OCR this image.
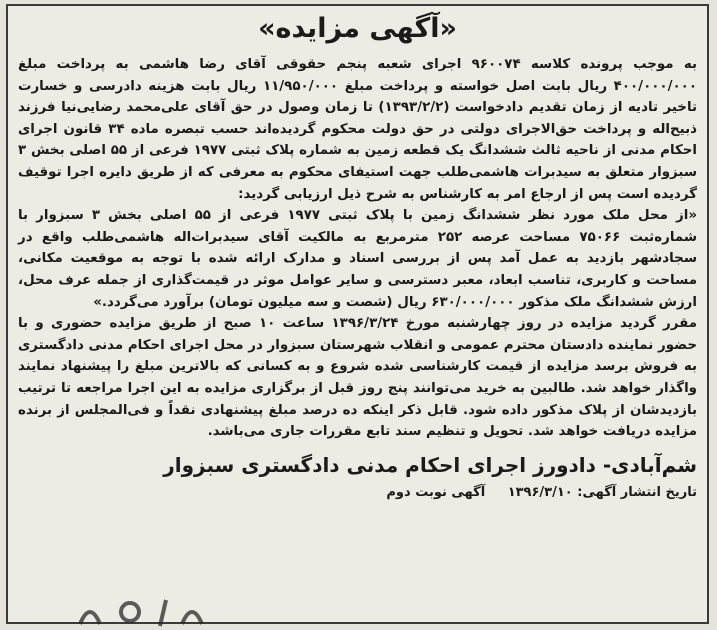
«آگهی مزایده»

به موجب پرونده کلاسه ۹۶۰۰۷۴ اجرای شعبه پنجم حقوقی آقای رضا هاشمی به پرداخت مبلغ ۴۰۰/۰۰۰/۰۰۰ ریال بابت اصل خواسته و پرداخت مبلغ ۱۱/۹۵۰/۰۰۰ ریال بابت هزینه دادرسی و خسارت تاخیر تادیه از زمان تقدیم دادخواست (۱۳۹۳/۲/۲) تا زمان وصول در حق آقای علی‌محمد رضایی‌نیا فرزند ذبیح‌اله و پرداخت حق‌الاجرای دولتی در حق دولت محکوم گردیده‌اند حسب تبصره ماده ۳۴ قانون اجرای احکام مدنی از ناحیه ثالث ششدانگ یک قطعه زمین به شماره پلاک ثبتی ۱۹۷۷ فرعی از ۵۵ اصلی بخش ۳ سبزوار متعلق به سیدبرات هاشمی‌طلب جهت استیفای محکوم به معرفی که از طریق دایره اجرا توقیف گردیده است پس از ارجاع امر به کارشناس به شرح ذیل ارزیابی گردید:

«از محل ملک مورد نظر ششدانگ زمین با پلاک ثبتی ۱۹۷۷ فرعی از ۵۵ اصلی بخش ۳ سبزوار با شماره‌ثبت ۷۵۰۶۶ مساحت عرصه ۲۵۲ مترمربع به مالکیت آقای سیدبرات‌اله هاشمی‌طلب واقع در سجادشهر بازدید به عمل آمد پس از بررسی اسناد و مدارک ارائه شده با توجه به موقعیت مکانی، مساحت و کاربری، تناسب ابعاد، معبر دسترسی و سایر عوامل موثر در قیمت‌گذاری از جمله عرف محل، ارزش ششدانگ ملک مذکور ۶۳۰/۰۰۰/۰۰۰ ریال (شصت و سه میلیون تومان) برآورد می‌گردد.»

مقرر گردید مزایده در روز چهارشنبه مورخ ۱۳۹۶/۳/۲۴ ساعت ۱۰ صبح از طریق مزایده حضوری و با حضور نماینده دادستان محترم عمومی و انقلاب شهرستان سبزوار در محل اجرای احکام مدنی دادگستری به فروش برسد مزایده از قیمت کارشناسی شده شروع و به کسانی که بالاترین مبلغ را پیشنهاد نمایند واگذار خواهد شد. طالبین به خرید می‌توانند پنج روز قبل از برگزاری مزایده به این اجرا مراجعه تا ترتیب بازدیدشان از پلاک مذکور داده شود. قابل ذکر اینکه ده درصد مبلغ پیشنهادی نقداً و فی‌المجلس از برنده مزایده دریافت خواهد شد. تحویل و تنظیم سند تابع مقررات جاری می‌باشد.

شم‌آبادی- دادورز اجرای احکام مدنی دادگستری سبزوار
تاریخ انتشار آگهی: ۱۳۹۶/۳/۱۰ آگهی نوبت دوم
